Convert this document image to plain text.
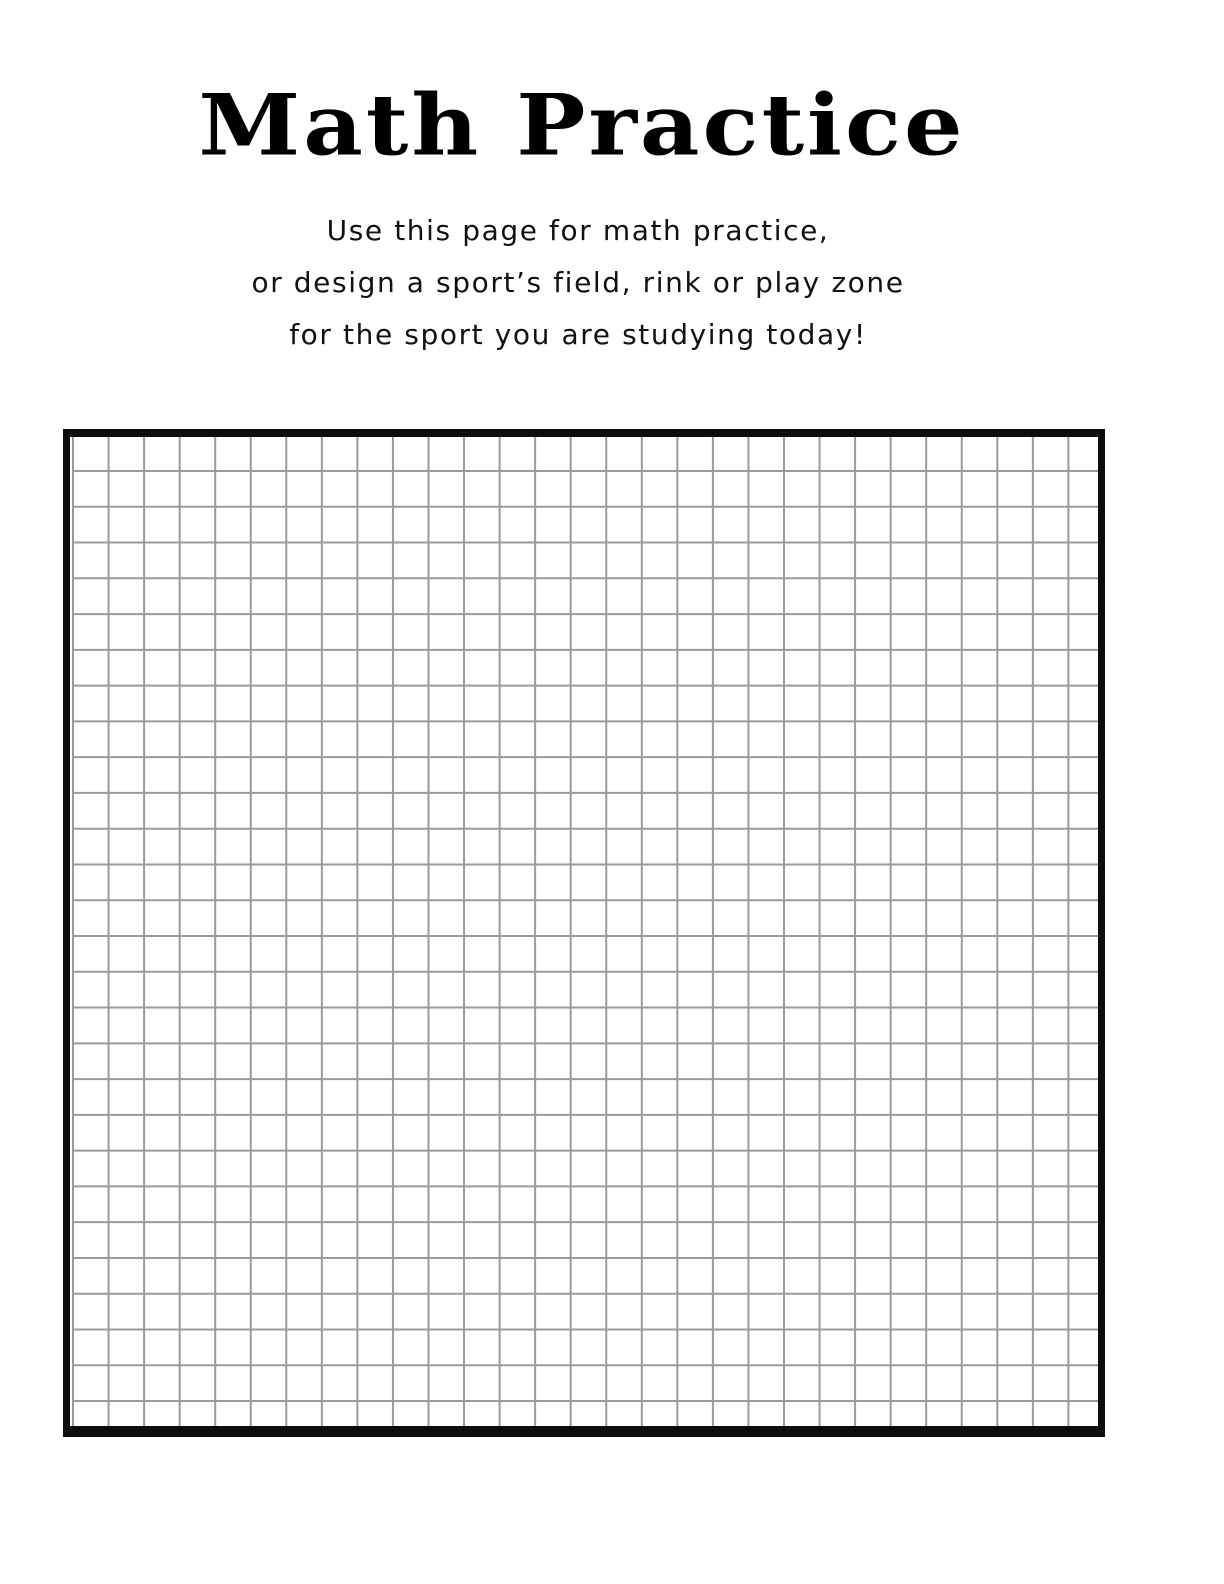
Math Practice
Use this page for math practice,
or design a sport’s field, rink or play zone
for the sport you are studying today!
